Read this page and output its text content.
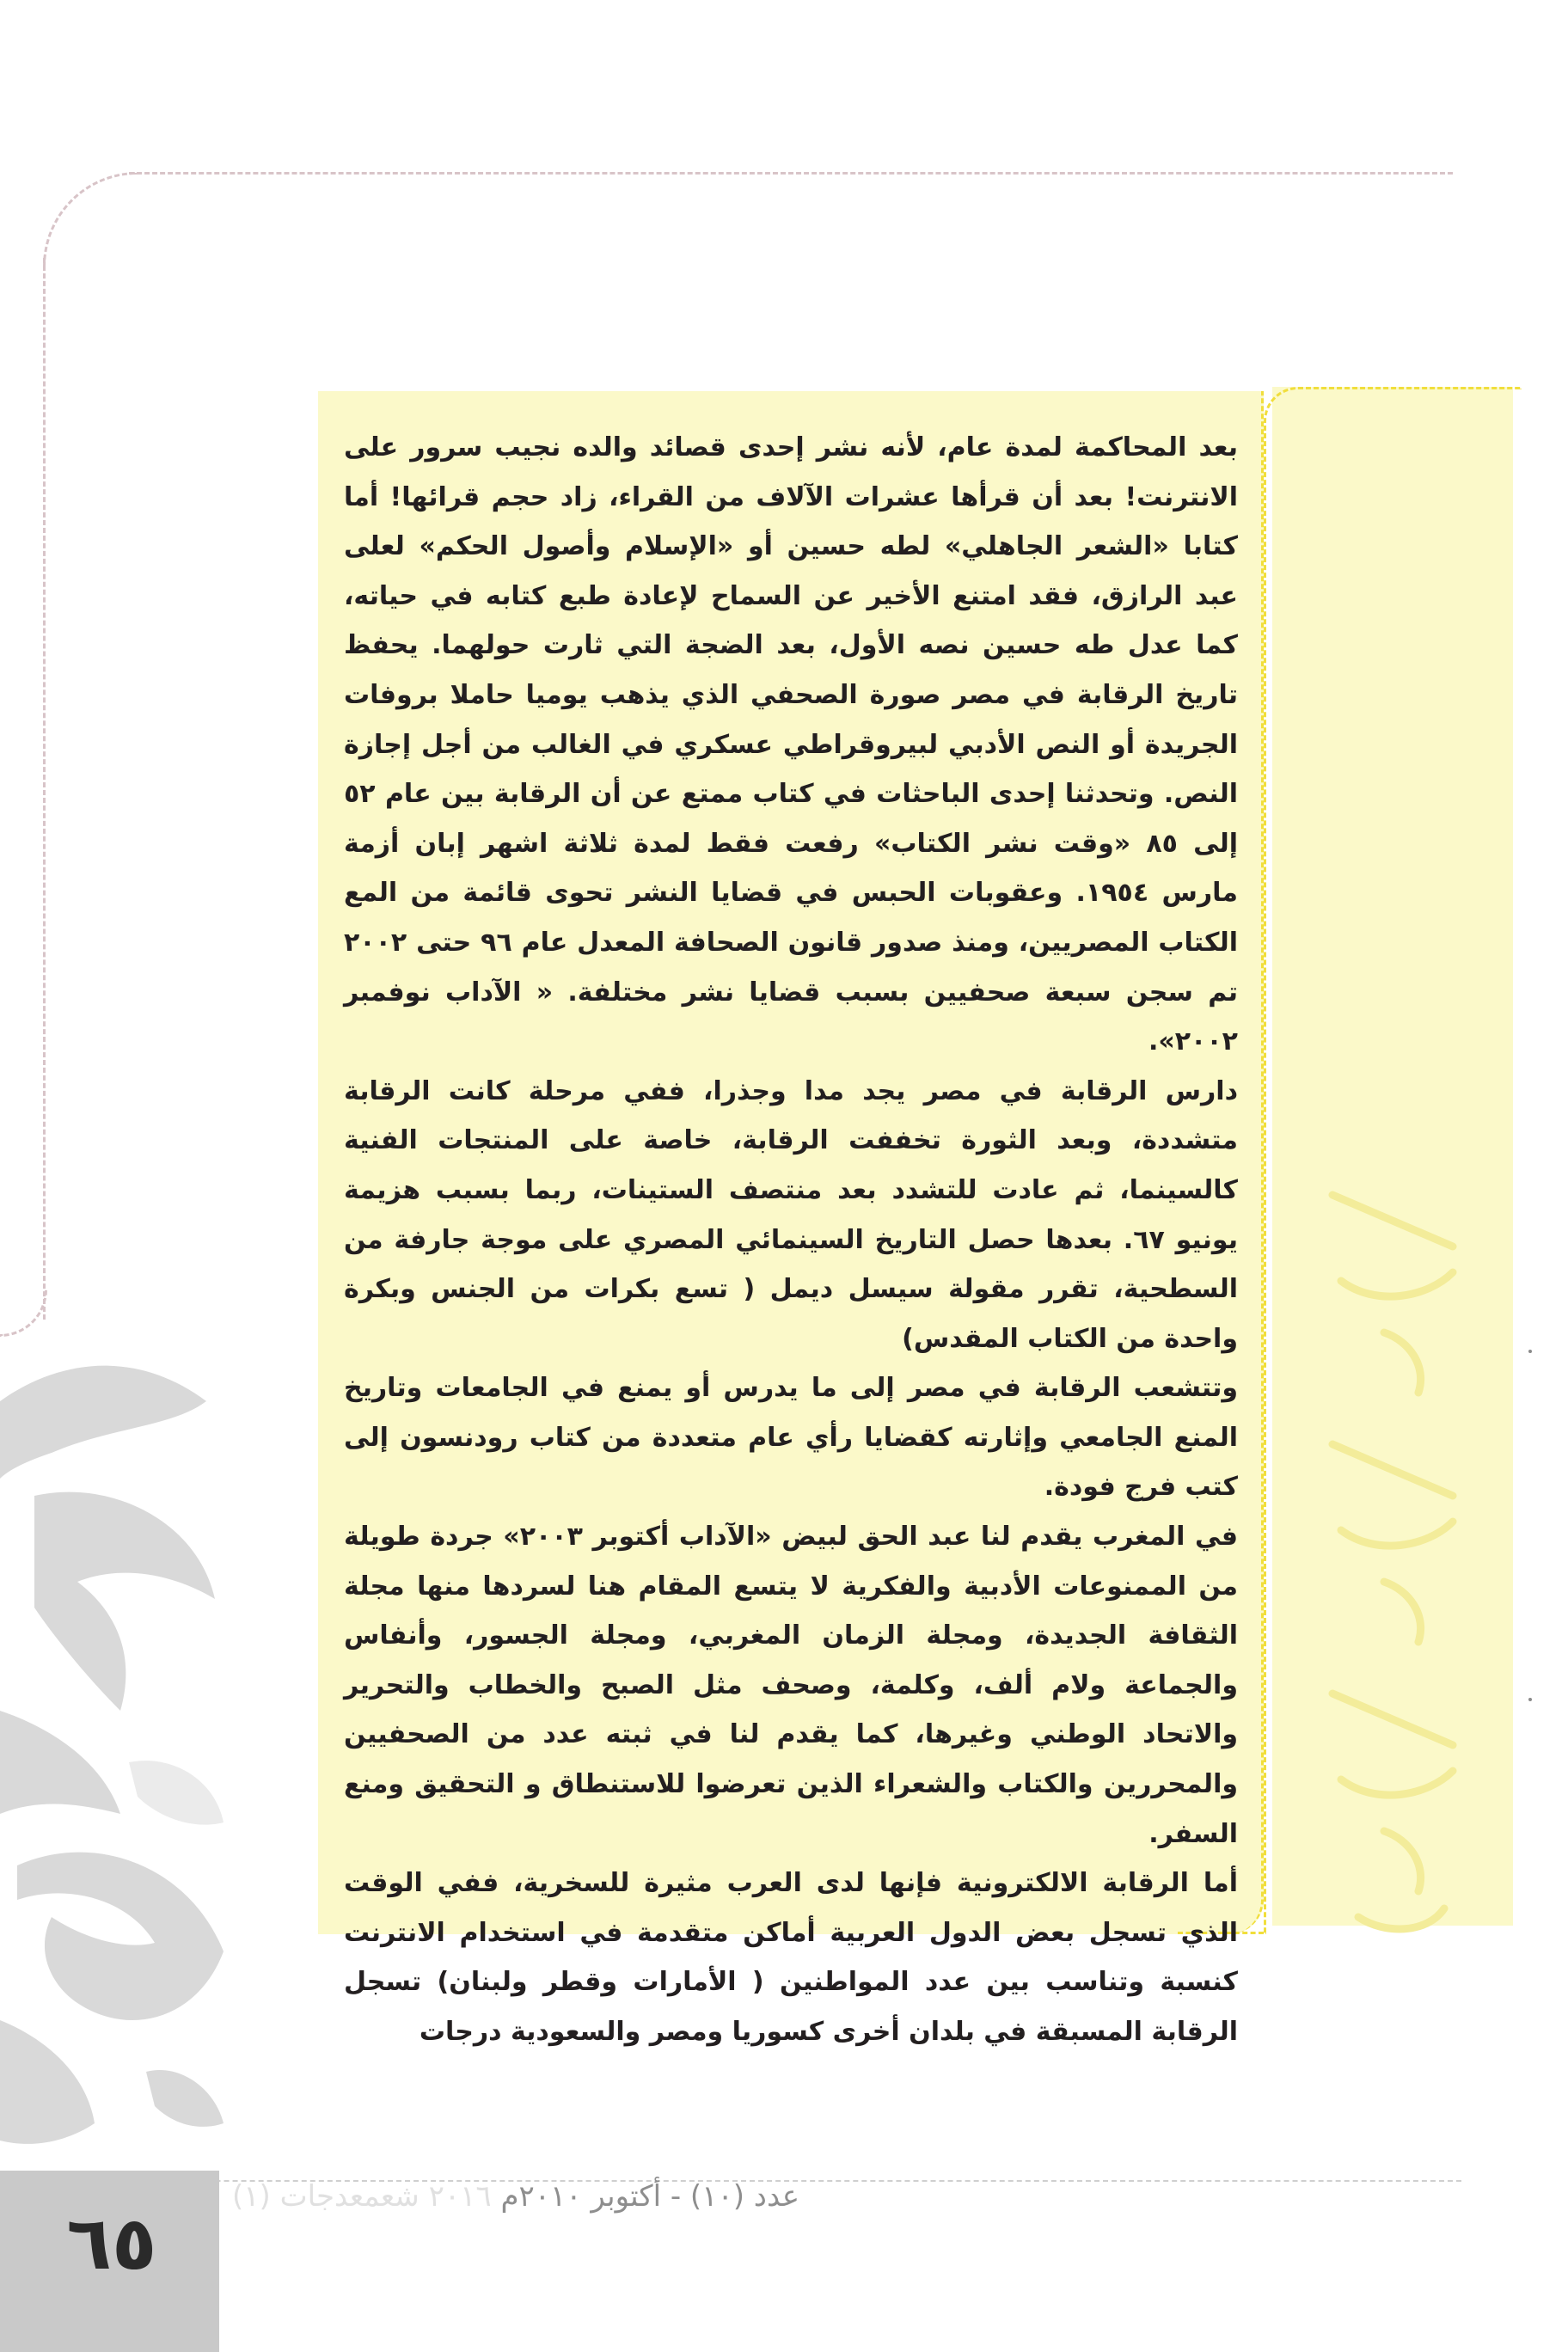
بعد المحاكمة لمدة عام، لأنه نشر إحدى قصائد والده نجيب سرور على الانترنت! بعد أن قرأها عشرات الآلاف من القراء، زاد حجم قرائها! أما كتابا «الشعر الجاهلي» لطه حسين أو «الإسلام وأصول الحكم» لعلى عبد الرازق، فقد امتنع الأخير عن السماح لإعادة طبع كتابه في حياته، كما عدل طه حسين نصه الأول، بعد الضجة التي ثارت حولهما. يحفظ تاريخ الرقابة في مصر صورة الصحفي الذي يذهب يوميا حاملا بروفات الجريدة أو النص الأدبي لبيروقراطي عسكري في الغالب من أجل إجازة النص. وتحدثنا إحدى الباحثات في كتاب ممتع عن أن الرقابة بين عام ٥٢ إلى ٨٥ «وقت نشر الكتاب» رفعت فقط لمدة ثلاثة اشهر إبان أزمة مارس ١٩٥٤. وعقوبات الحبس في قضايا النشر تحوى قائمة من المع الكتاب المصريين، ومنذ صدور قانون الصحافة المعدل عام ٩٦ حتى ٢٠٠٢ تم سجن سبعة صحفيين بسبب قضايا نشر مختلفة. « الآداب نوفمبر ٢٠٠٢».

دارس الرقابة في مصر يجد مدا وجذرا، ففي مرحلة كانت الرقابة متشددة، وبعد الثورة تخففت الرقابة، خاصة على المنتجات الفنية كالسينما، ثم عادت للتشدد بعد منتصف الستينات، ربما بسبب هزيمة يونيو ٦٧. بعدها حصل التاريخ السينمائي المصري على موجة جارفة من السطحية، تقرر مقولة سيسل ديمل ( تسع بكرات من الجنس وبكرة واحدة من الكتاب المقدس)

وتتشعب الرقابة في مصر إلى ما يدرس أو يمنع في الجامعات وتاريخ المنع الجامعي وإثارته كقضايا رأي عام متعددة من كتاب رودنسون إلى كتب فرج فودة.

في المغرب يقدم لنا عبد الحق لبيض «الآداب أكتوبر ٢٠٠٣» جردة طويلة من الممنوعات الأدبية والفكرية لا يتسع المقام هنا لسردها منها مجلة الثقافة الجديدة، ومجلة الزمان المغربي، ومجلة الجسور، وأنفاس والجماعة ولام ألف، وكلمة، وصحف مثل الصبح والخطاب والتحرير والاتحاد الوطني وغيرها، كما يقدم لنا في ثبته عدد من الصحفيين والمحررين والكتاب والشعراء الذين تعرضوا للاستنطاق و التحقيق ومنع السفر.

أما الرقابة الالكترونية فإنها لدى العرب مثيرة للسخرية، ففي الوقت الذي تسجل بعض الدول العربية أماكن متقدمة في استخدام الانترنت كنسبة وتناسب بين عدد المواطنين ( الأمارات وقطر ولبنان) تسجل الرقابة المسبقة في بلدان أخرى كسوريا ومصر والسعودية درجات

عدد (١٠) - أكتوبر ٢٠١٠م ٢٠١٦ شعمعدجات (١)
٦٥
